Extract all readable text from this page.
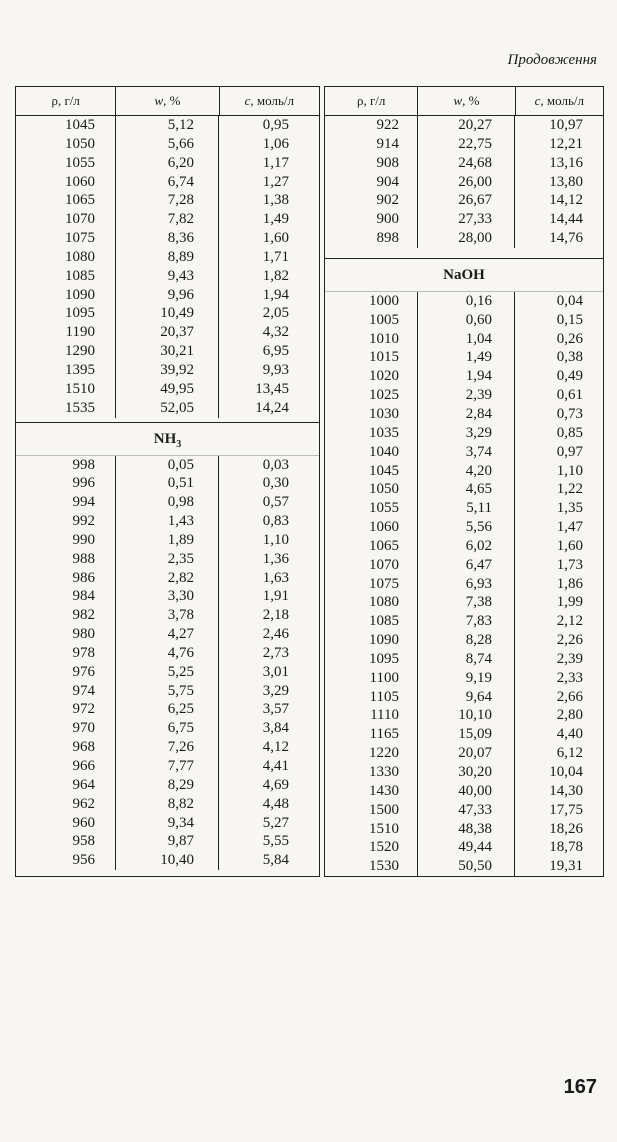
Продовження
ρ, г/л	w , %	c , моль/л
1045	5,12	0,95
1050	5,66	1,06
1055	6,20	1,17
1060	6,74	1,27
1065	7,28	1,38
1070	7,82	1,49
1075	8,36	1,60
1080	8,89	1,71
1085	9,43	1,82
1090	9,96	1,94
1095	10,49	2,05
1190	20,37	4,32
1290	30,21	6,95
1395	39,92	9,93
1510	49,95	13,45
1535	52,05	14,24
$NH_3$
998	0,05	0,03
996	0,51	0,30
994	0,98	0,57
992	1,43	0,83
990	1,89	1,10
988	2,35	1,36
986	2,82	1,63
984	3,30	1,91
982	3,78	2,18
980	4,27	2,46
978	4,76	2,73
976	5,25	3,01
974	5,75	3,29
972	6,25	3,57
970	6,75	3,84
968	7,26	4,12
966	7,77	4,41
964	8,29	4,69
962	8,82	4,48
960	9,34	5,27
958	9,87	5,55
956	10,40	5,84
ρ, г/л	w , %	c , моль/л
922	20,27	10,97
914	22,75	12,21
908	24,68	13,16
904	26,00	13,80
902	26,67	14,12
900	27,33	14,44
898	28,00	14,76
NaOH
1000	0,16	0,04
1005	0,60	0,15
1010	1,04	0,26
1015	1,49	0,38
1020	1,94	0,49
1025	2,39	0,61
1030	2,84	0,73
1035	3,29	0,85
1040	3,74	0,97
1045	4,20	1,10
1050	4,65	1,22
1055	5,11	1,35
1060	5,56	1,47
1065	6,02	1,60
1070	6,47	1,73
1075	6,93	1,86
1080	7,38	1,99
1085	7,83	2,12
1090	8,28	2,26
1095	8,74	2,39
1100	9,19	2,33
1105	9,64	2,66
1110	10,10	2,80
1165	15,09	4,40
1220	20,07	6,12
1330	30,20	10,04
1430	40,00	14,30
1500	47,33	17,75
1510	48,38	18,26
1520	49,44	18,78
1530	50,50	19,31
167
